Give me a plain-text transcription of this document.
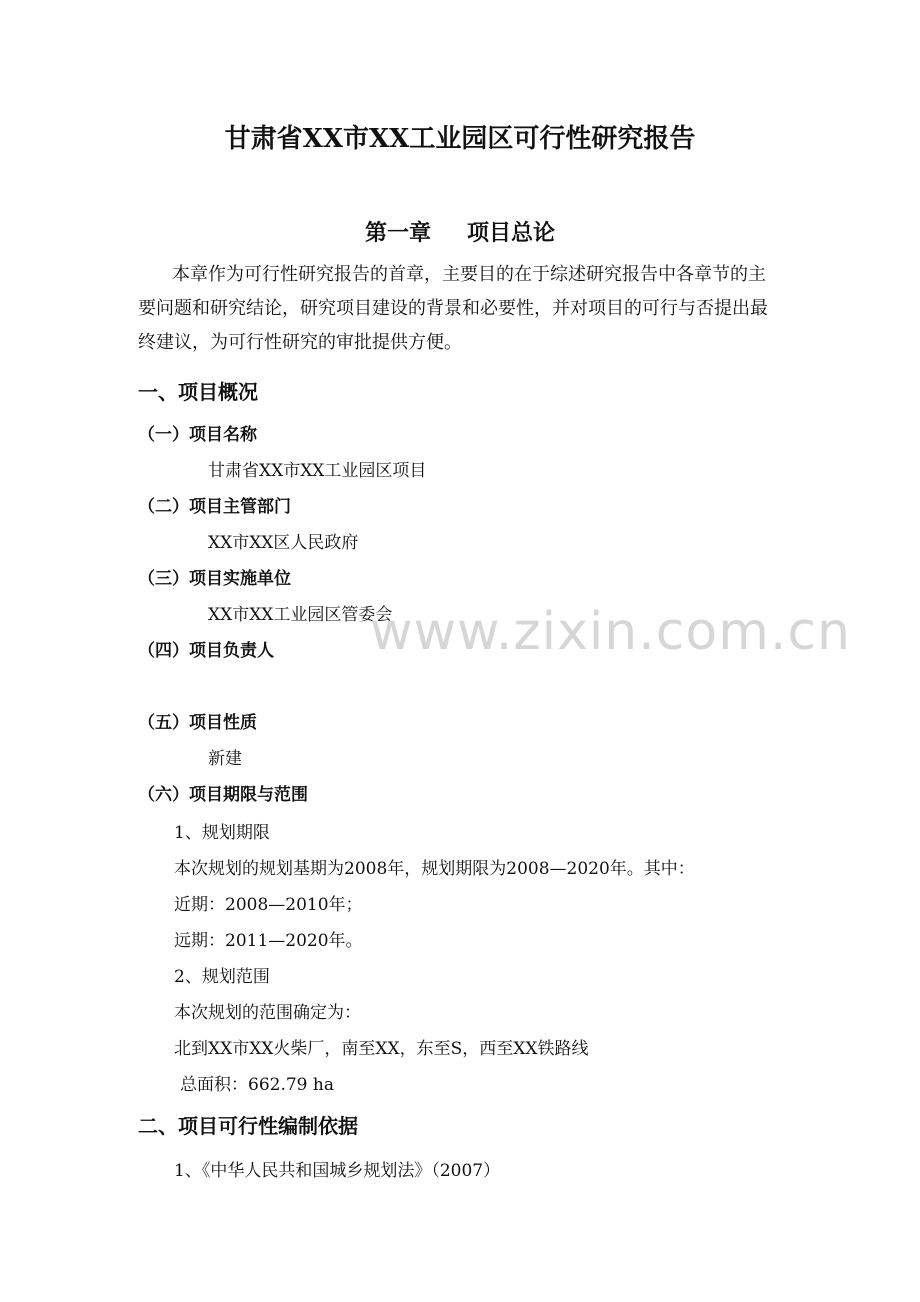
甘肃省XX市XX工业园区可行性研究报告
第一章 项目总论
本章作为可行性研究报告的首章，主要目的在于综述研究报告中各章节的主
要问题和研究结论，研究项目建设的背景和必要性，并对项目的可行与否提出最
终建议，为可行性研究的审批提供方便。
一、项目概况
（一）项目名称
甘肃省XX市XX工业园区项目
（二）项目主管部门
XX市XX区人民政府
（三）项目实施单位
XX市XX工业园区管委会
（四）项目负责人
（五）项目性质
新建
（六）项目期限与范围
1、规划期限
本次规划的规划基期为2008年，规划期限为2008—2020年。其中：
近期：2008—2010年；
远期：2011—2020年。
2、规划范围
本次规划的范围确定为：
北到XX市XX火柴厂，南至XX，东至S，西至XX铁路线
总面积：662.79 ha
二、项目可行性编制依据
1、《中华人民共和国城乡规划法》（2007）
www.zixin.com.cn
